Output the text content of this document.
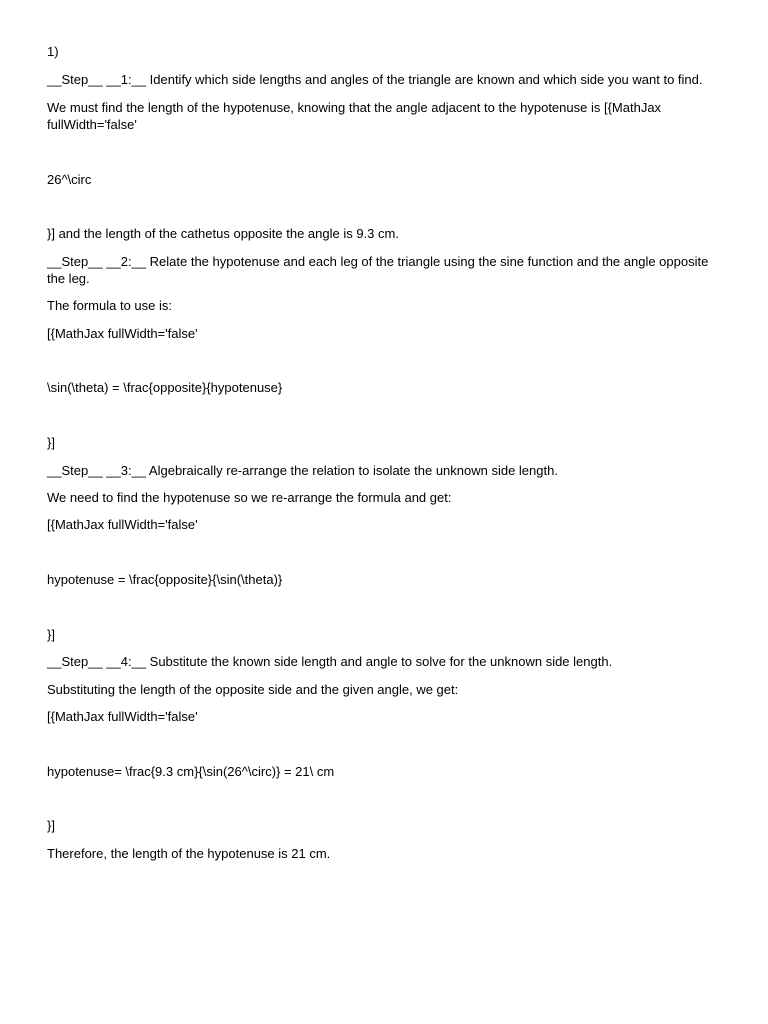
1)
__Step__ __1:__ Identify which side lengths and angles of the triangle are known and which side you want to find.
We must find the length of the hypotenuse, knowing that the angle adjacent to the hypotenuse is [{MathJax fullWidth='false'
26^\circ
}] and the length of the cathetus opposite the angle is 9.3 cm.
__Step__ __2:__ Relate the hypotenuse and each leg of the triangle using the sine function and the angle opposite the leg.
The formula to use is:
[{MathJax fullWidth='false'
\sin(\theta) = \frac{opposite}{hypotenuse}
}]
__Step__ __3:__ Algebraically re-arrange the relation to isolate the unknown side length.
We need to find the hypotenuse so we re-arrange the formula and get:
[{MathJax fullWidth='false'
hypotenuse = \frac{opposite}{\sin(\theta)}
}]
__Step__ __4:__ Substitute the known side length and angle to solve for the unknown side length.
Substituting the length of the opposite side and the given angle, we get:
[{MathJax fullWidth='false'
hypotenuse= \frac{9.3 cm}{\sin(26^\circ)} = 21\ cm
}]
Therefore, the length of the hypotenuse is 21 cm.
